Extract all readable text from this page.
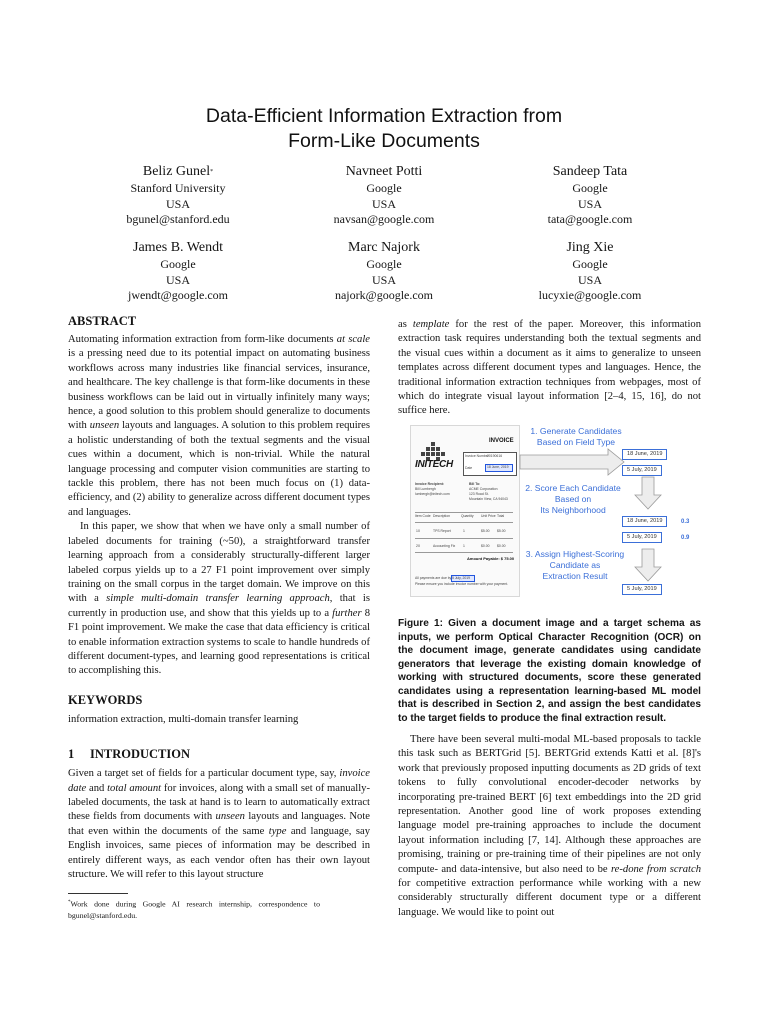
Data-Efficient Information Extraction from
Form-Like Documents
Beliz Gunel*
Stanford University
USA
bgunel@stanford.edu
Navneet Potti
Google
USA
navsan@google.com
Sandeep Tata
Google
USA
tata@google.com
James B. Wendt
Google
USA
jwendt@google.com
Marc Najork
Google
USA
najork@google.com
Jing Xie
Google
USA
lucyxie@google.com
ABSTRACT

Automating information extraction from form-like documents at scale is a pressing need due to its potential impact on automating business workflows across many industries like financial services, insurance, and healthcare. The key challenge is that form-like documents in these business workflows can be laid out in virtually infinitely many ways; hence, a good solution to this problem should generalize to documents with unseen layouts and languages. A solution to this problem requires a holistic understanding of both the textual segments and the visual cues within a document, which is non-trivial. While the natural language processing and computer vision communities are starting to tackle this problem, there has not been much focus on (1) data-efficiency, and (2) ability to generalize across different document types and languages.

In this paper, we show that when we have only a small number of labeled documents for training (~50), a straightforward transfer learning approach from a considerably structurally-different larger labeled corpus yields up to a 27 F1 point improvement over simply training on the small corpus in the target domain. We improve on this with a simple multi-domain transfer learning approach, that is currently in production use, and show that this yields up to a further 8 F1 point improvement. We make the case that data efficiency is critical to enable information extraction systems to scale to handle hundreds of different document-types, and learning good representations is critical to accomplishing this.

KEYWORDS

information extraction, multi-domain transfer learning

1 INTRODUCTION

Given a target set of fields for a particular document type, say, invoice date and total amount for invoices, along with a small set of manually-labeled documents, the task at hand is to learn to automatically extract these fields from documents with unseen layouts and languages. Note that even within the documents of the same type and language, say English invoices, same pieces of information may be described in entirely different ways, as each vendor often has their own layout structure. We will refer to this layout structure

*Work done during Google AI research internship, correspondence to bgunel@stanford.edu.

as template for the rest of the paper. Moreover, this information extraction task requires understanding both the textual segments and the visual cues within a document as it aims to generalize to unseen templates across different document types and languages. Hence, the traditional information extraction techniques from webpages, most of which do integrate visual layout information [2–4, 15, 16], do not suffice here.

INITECH
INVOICE
Invoice Number
20190616
Date	18 June, 2019
Invoice Recipient:
Bill Lumbergh
lumbergh@initech.com
Bill To:
ACME Corporation
123 Road St.
Mountain View, CA 94043
Item Code Description	Quantity Unit Price Total
1X	TPS Report	1	$5.00 $5.00
2X	Accounting Fix 1	$0.00 $0.00
Amount Payable: $ 75.00
All payments are due by 5 July, 2019
Please ensure you include invoice number with your payment.
1. Generate Candidates
Based on Field Type
18 June, 2019
5 July, 2019
2. Score Each Candidate
Based on
Its Neighborhood
18 June, 2019	0.3
5 July, 2019	0.9
3. Assign Highest-Scoring
Candidate as
Extraction Result
5 July, 2019
Figure 1: Given a document image and a target schema as inputs, we perform Optical Character Recognition (OCR) on the document image, generate candidates using candidate generators that leverage the existing domain knowledge of working with structured documents, score these generated candidates using a representation learning-based ML model that is described in Section 2, and assign the best candidates to the target fields to produce the final extraction result.

There have been several multi-modal ML-based proposals to tackle this task such as BERTGrid [5]. BERTGrid extends Katti et al. [8]'s work that previously proposed inputting documents as 2D grids of text tokens to fully convolutional encoder-decoder networks by incorporating pre-trained BERT [6] text embeddings into the 2D grid representation. Another good line of work proposes extending language model pre-training approaches to include the document layout information including [7, 14]. Although these approaches are promising, training or pre-training time of their pipelines are not only compute- and data-intensive, but also need to be re-done from scratch for competitive extraction performance while working with a new considerably structurally different document type or a different language. We would like to point out
